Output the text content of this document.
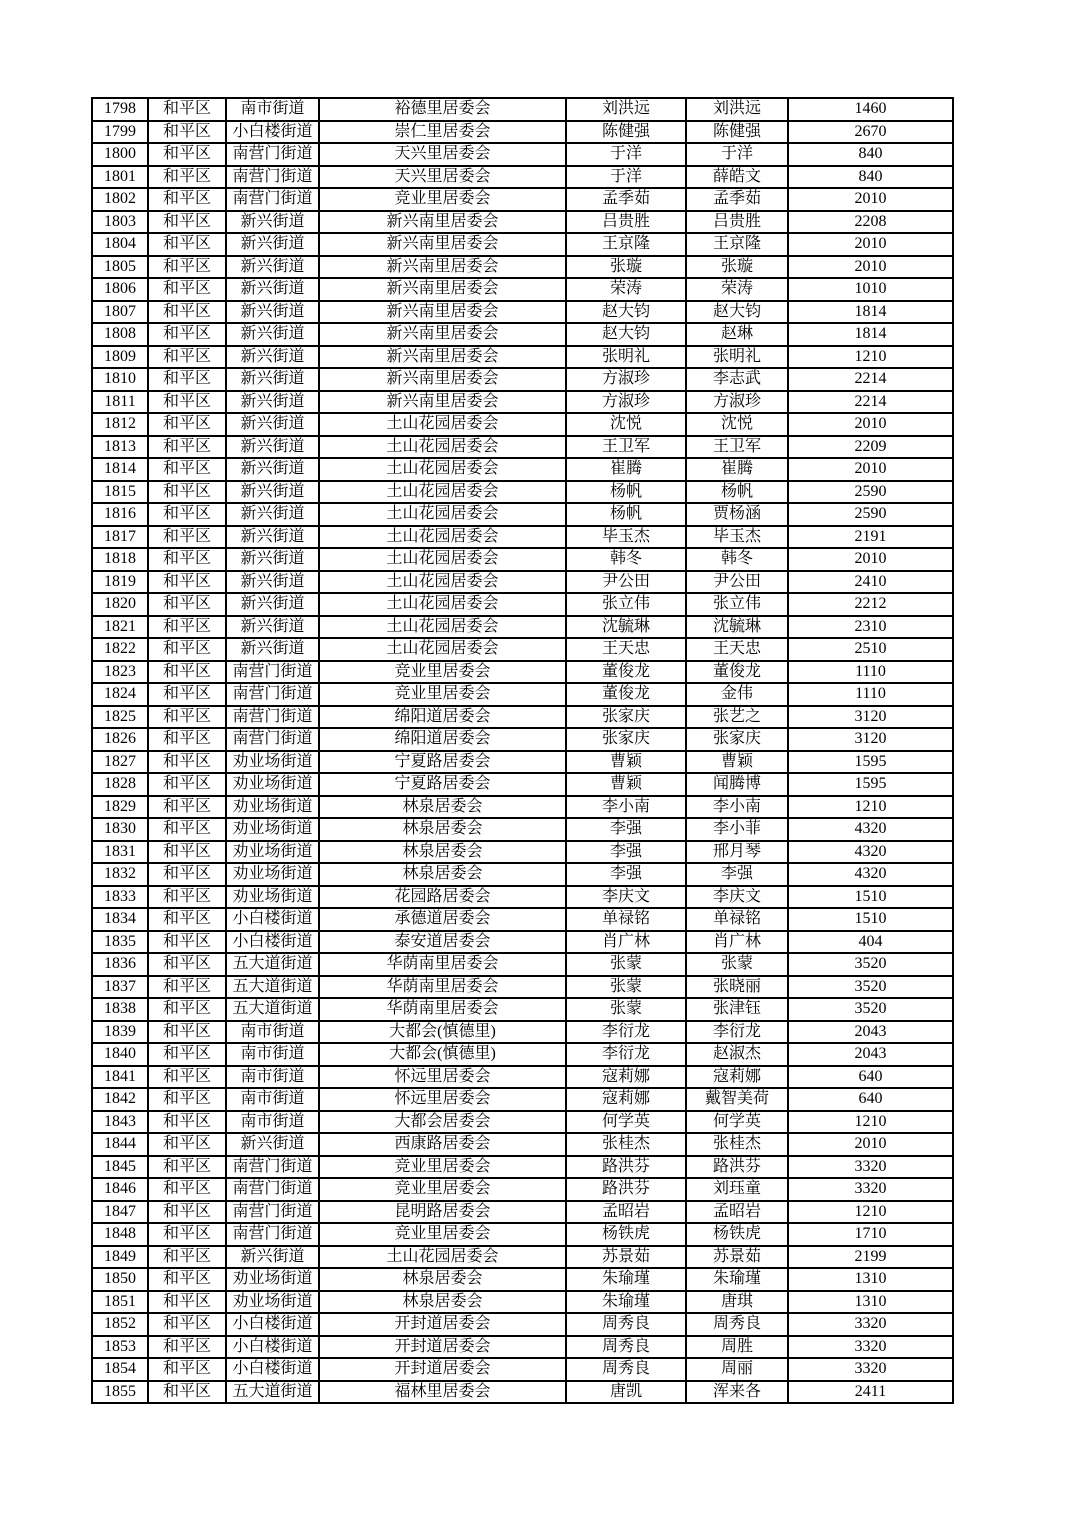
1798	和平区	南市街道	裕德里居委会	刘洪远	刘洪远	1460
1799	和平区	小白楼街道	崇仁里居委会	陈健强	陈健强	2670
1800	和平区	南营门街道	天兴里居委会	于洋	于洋	840
1801	和平区	南营门街道	天兴里居委会	于洋	薛皓文	840
1802	和平区	南营门街道	竞业里居委会	孟季茹	孟季茹	2010
1803	和平区	新兴街道	新兴南里居委会	吕贵胜	吕贵胜	2208
1804	和平区	新兴街道	新兴南里居委会	王京隆	王京隆	2010
1805	和平区	新兴街道	新兴南里居委会	张璇	张璇	2010
1806	和平区	新兴街道	新兴南里居委会	荣涛	荣涛	1010
1807	和平区	新兴街道	新兴南里居委会	赵大钧	赵大钧	1814
1808	和平区	新兴街道	新兴南里居委会	赵大钧	赵琳	1814
1809	和平区	新兴街道	新兴南里居委会	张明礼	张明礼	1210
1810	和平区	新兴街道	新兴南里居委会	方淑珍	李志武	2214
1811	和平区	新兴街道	新兴南里居委会	方淑珍	方淑珍	2214
1812	和平区	新兴街道	土山花园居委会	沈悦	沈悦	2010
1813	和平区	新兴街道	土山花园居委会	王卫军	王卫军	2209
1814	和平区	新兴街道	土山花园居委会	崔腾	崔腾	2010
1815	和平区	新兴街道	土山花园居委会	杨帆	杨帆	2590
1816	和平区	新兴街道	土山花园居委会	杨帆	贾杨涵	2590
1817	和平区	新兴街道	土山花园居委会	毕玉杰	毕玉杰	2191
1818	和平区	新兴街道	土山花园居委会	韩冬	韩冬	2010
1819	和平区	新兴街道	土山花园居委会	尹公田	尹公田	2410
1820	和平区	新兴街道	土山花园居委会	张立伟	张立伟	2212
1821	和平区	新兴街道	土山花园居委会	沈毓琳	沈毓琳	2310
1822	和平区	新兴街道	土山花园居委会	王天忠	王天忠	2510
1823	和平区	南营门街道	竞业里居委会	董俊龙	董俊龙	1110
1824	和平区	南营门街道	竞业里居委会	董俊龙	金伟	1110
1825	和平区	南营门街道	绵阳道居委会	张家庆	张艺之	3120
1826	和平区	南营门街道	绵阳道居委会	张家庆	张家庆	3120
1827	和平区	劝业场街道	宁夏路居委会	曹颖	曹颖	1595
1828	和平区	劝业场街道	宁夏路居委会	曹颖	闻腾博	1595
1829	和平区	劝业场街道	林泉居委会	李小南	李小南	1210
1830	和平区	劝业场街道	林泉居委会	李强	李小菲	4320
1831	和平区	劝业场街道	林泉居委会	李强	邢月琴	4320
1832	和平区	劝业场街道	林泉居委会	李强	李强	4320
1833	和平区	劝业场街道	花园路居委会	李庆文	李庆文	1510
1834	和平区	小白楼街道	承德道居委会	单禄铭	单禄铭	1510
1835	和平区	小白楼街道	泰安道居委会	肖广林	肖广林	404
1836	和平区	五大道街道	华荫南里居委会	张蒙	张蒙	3520
1837	和平区	五大道街道	华荫南里居委会	张蒙	张晓丽	3520
1838	和平区	五大道街道	华荫南里居委会	张蒙	张津钰	3520
1839	和平区	南市街道	大都会(慎德里)	李衍龙	李衍龙	2043
1840	和平区	南市街道	大都会(慎德里)	李衍龙	赵淑杰	2043
1841	和平区	南市街道	怀远里居委会	寇莉娜	寇莉娜	640
1842	和平区	南市街道	怀远里居委会	寇莉娜	戴智美荷	640
1843	和平区	南市街道	大都会居委会	何学英	何学英	1210
1844	和平区	新兴街道	西康路居委会	张桂杰	张桂杰	2010
1845	和平区	南营门街道	竞业里居委会	路洪芬	路洪芬	3320
1846	和平区	南营门街道	竞业里居委会	路洪芬	刘珏童	3320
1847	和平区	南营门街道	昆明路居委会	孟昭岩	孟昭岩	1210
1848	和平区	南营门街道	竞业里居委会	杨铁虎	杨铁虎	1710
1849	和平区	新兴街道	土山花园居委会	苏景茹	苏景茹	2199
1850	和平区	劝业场街道	林泉居委会	朱瑜瑾	朱瑜瑾	1310
1851	和平区	劝业场街道	林泉居委会	朱瑜瑾	唐琪	1310
1852	和平区	小白楼街道	开封道居委会	周秀良	周秀良	3320
1853	和平区	小白楼街道	开封道居委会	周秀良	周胜	3320
1854	和平区	小白楼街道	开封道居委会	周秀良	周丽	3320
1855	和平区	五大道街道	福林里居委会	唐凯	浑来各	2411
